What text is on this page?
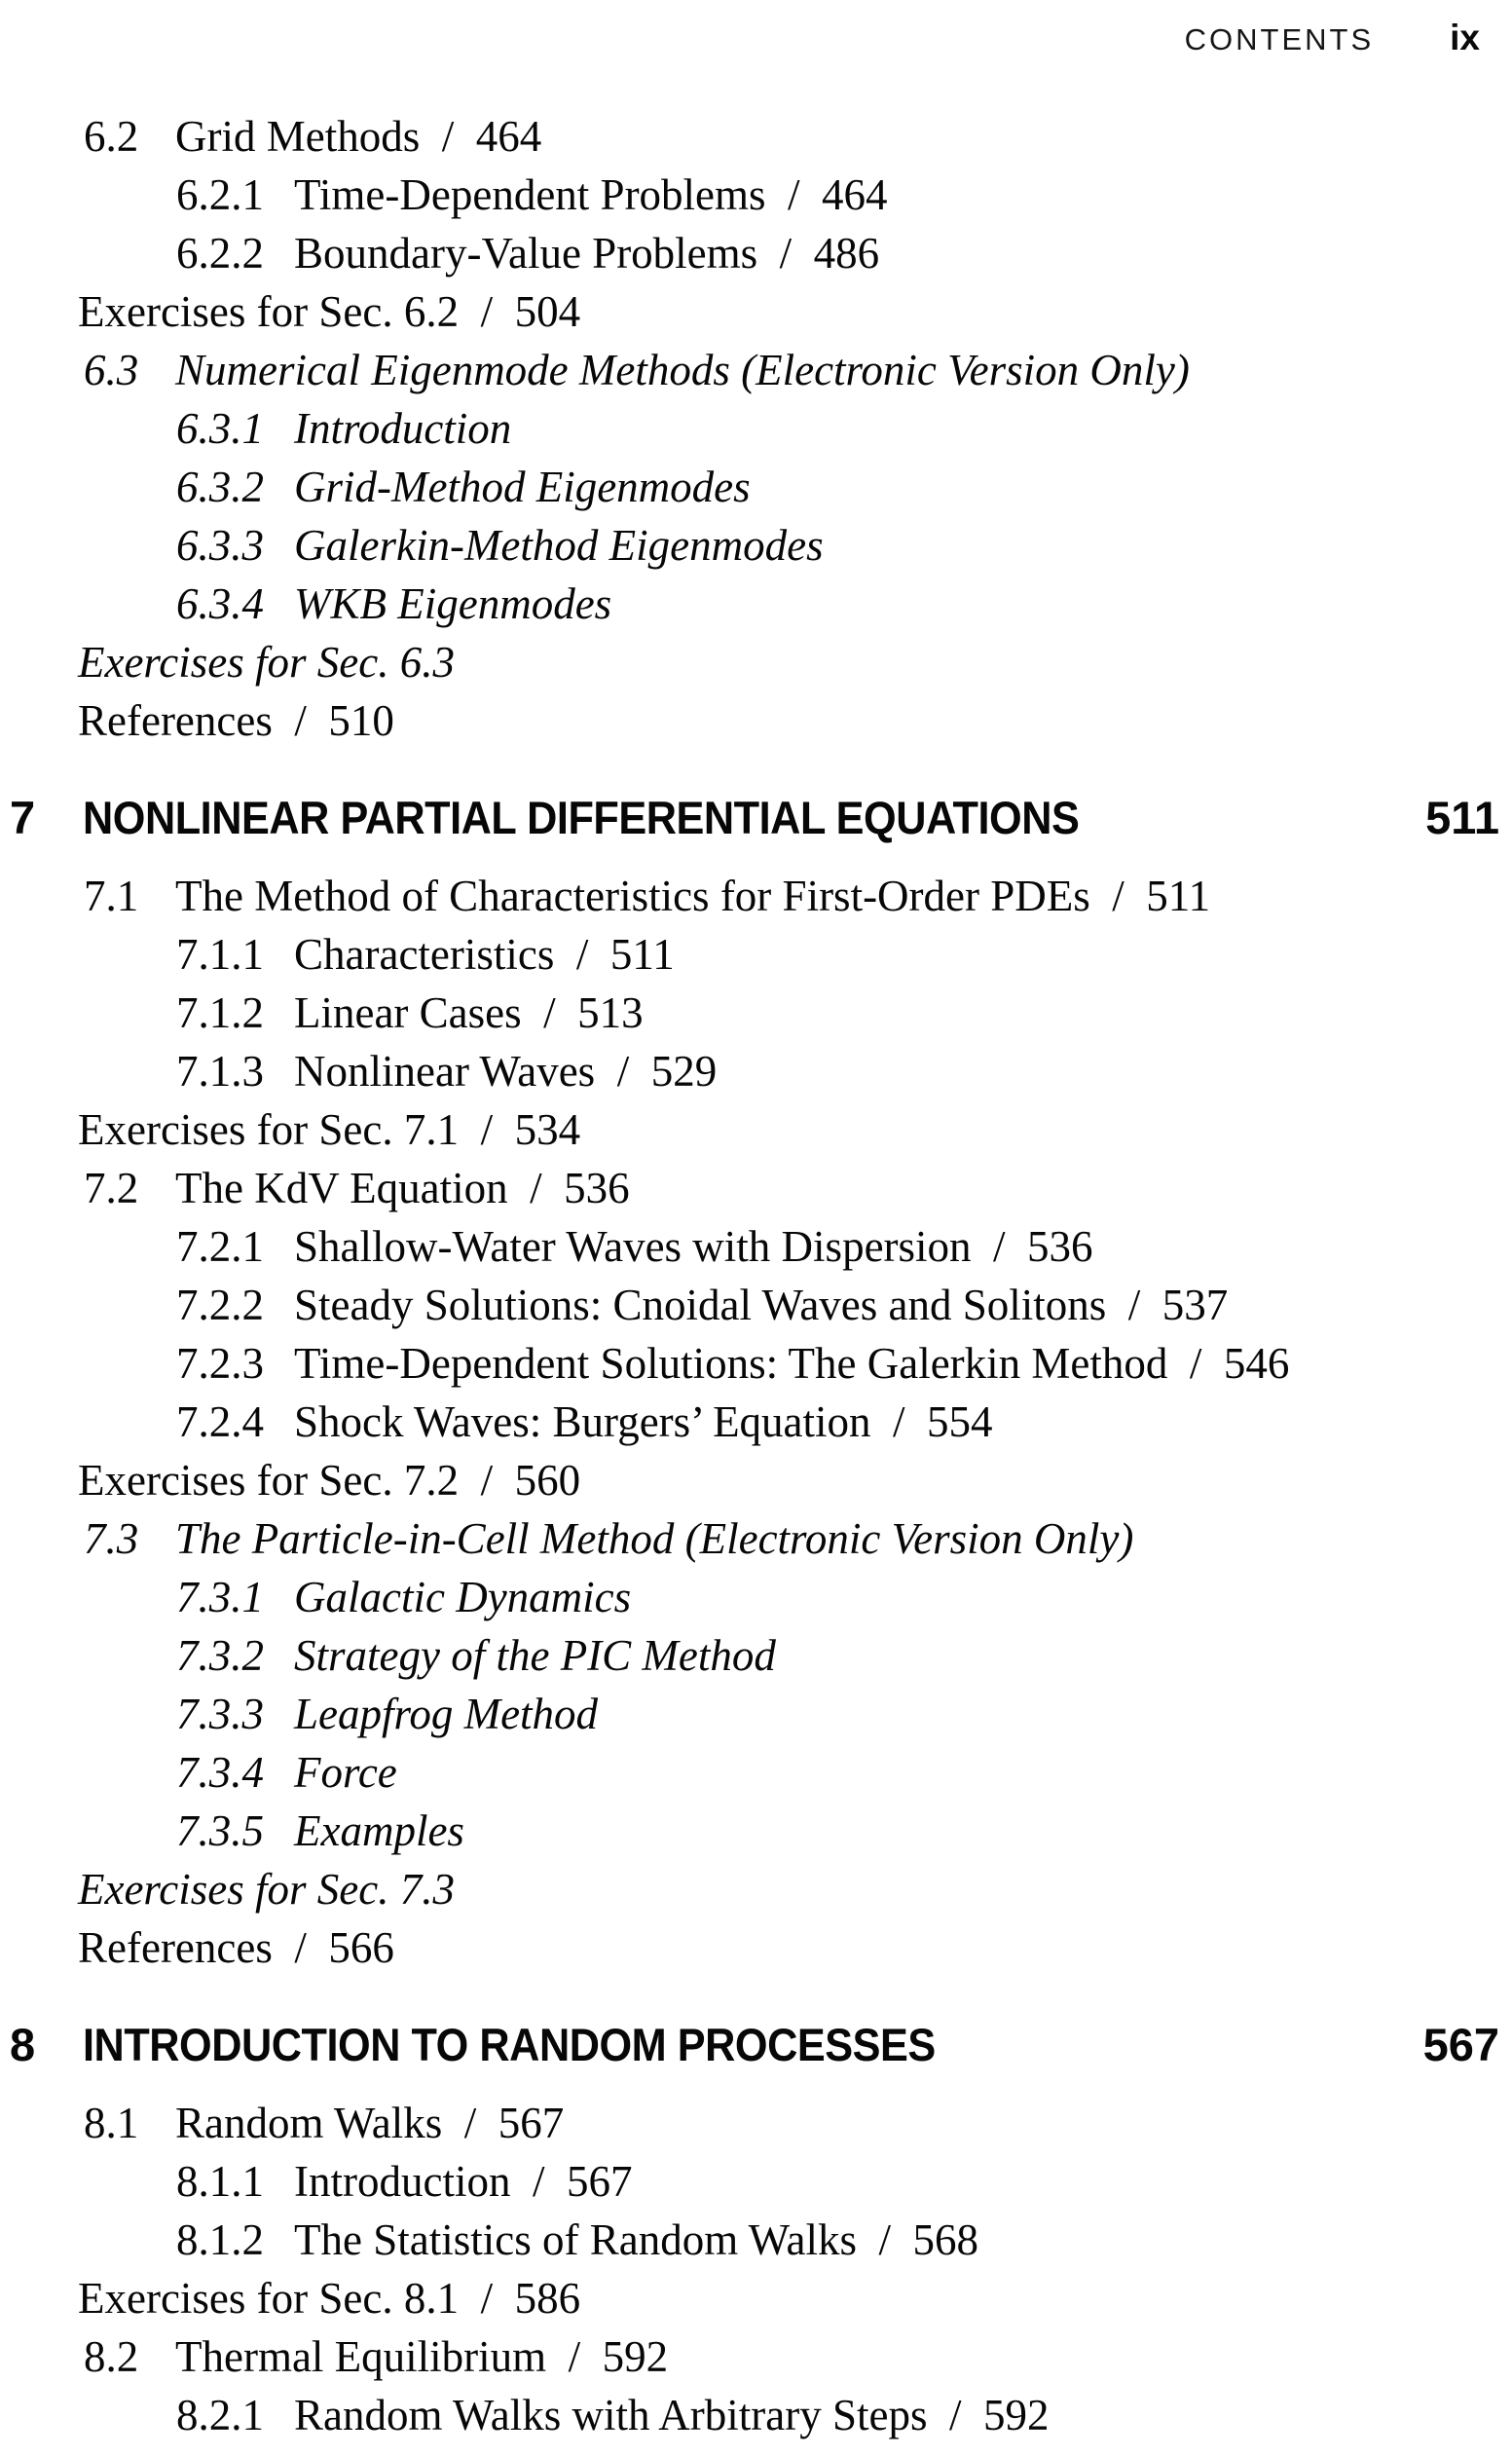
CONTENTS ix
6.2 Grid Methods / 464
6.2.1 Time-Dependent Problems / 464
6.2.2 Boundary-Value Problems / 486
Exercises for Sec. 6.2 / 504
6.3 Numerical Eigenmode Methods (Electronic Version Only)
6.3.1 Introduction
6.3.2 Grid-Method Eigenmodes
6.3.3 Galerkin-Method Eigenmodes
6.3.4 WKB Eigenmodes
Exercises for Sec. 6.3
References / 510
7	NONLINEAR PARTIAL DIFFERENTIAL EQUATIONS	511
7.1 The Method of Characteristics for First-Order PDEs / 511
7.1.1 Characteristics / 511
7.1.2 Linear Cases / 513
7.1.3 Nonlinear Waves / 529
Exercises for Sec. 7.1 / 534
7.2 The KdV Equation / 536
7.2.1 Shallow-Water Waves with Dispersion / 536
7.2.2 Steady Solutions: Cnoidal Waves and Solitons / 537
7.2.3 Time-Dependent Solutions: The Galerkin Method / 546
7.2.4 Shock Waves: Burgers’ Equation / 554
Exercises for Sec. 7.2 / 560
7.3 The Particle-in-Cell Method (Electronic Version Only)
7.3.1 Galactic Dynamics
7.3.2 Strategy of the PIC Method
7.3.3 Leapfrog Method
7.3.4 Force
7.3.5 Examples
Exercises for Sec. 7.3
References / 566
8	INTRODUCTION TO RANDOM PROCESSES	567
8.1 Random Walks / 567
8.1.1 Introduction / 567
8.1.2 The Statistics of Random Walks / 568
Exercises for Sec. 8.1 / 586
8.2 Thermal Equilibrium / 592
8.2.1 Random Walks with Arbitrary Steps / 592
